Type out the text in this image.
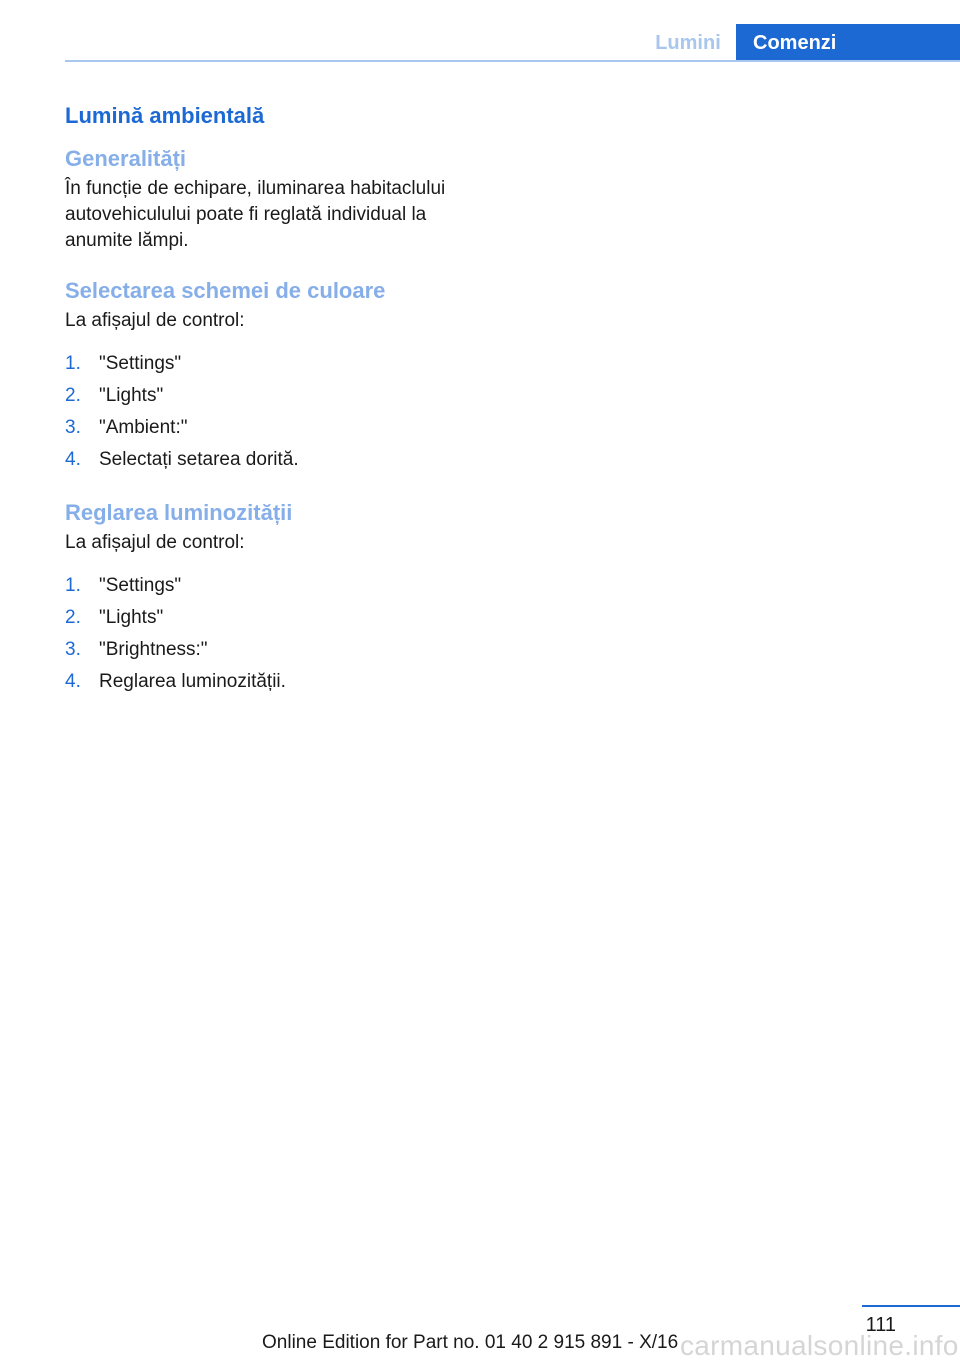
Lumini	Comenzi
Lumină ambientală
Generalități
În funcție de echipare, iluminarea habitaclului autovehiculului poate fi reglată individual la anumite lămpi.
Selectarea schemei de culoare
La afișajul de control:
1. "Settings"
2. "Lights"
3. "Ambient:"
4. Selectați setarea dorită.
Reglarea luminozității
La afișajul de control:
1. "Settings"
2. "Lights"
3. "Brightness:"
4. Reglarea luminozității.
111
Online Edition for Part no. 01 40 2 915 891 - X/16 carmanualsonline.info
